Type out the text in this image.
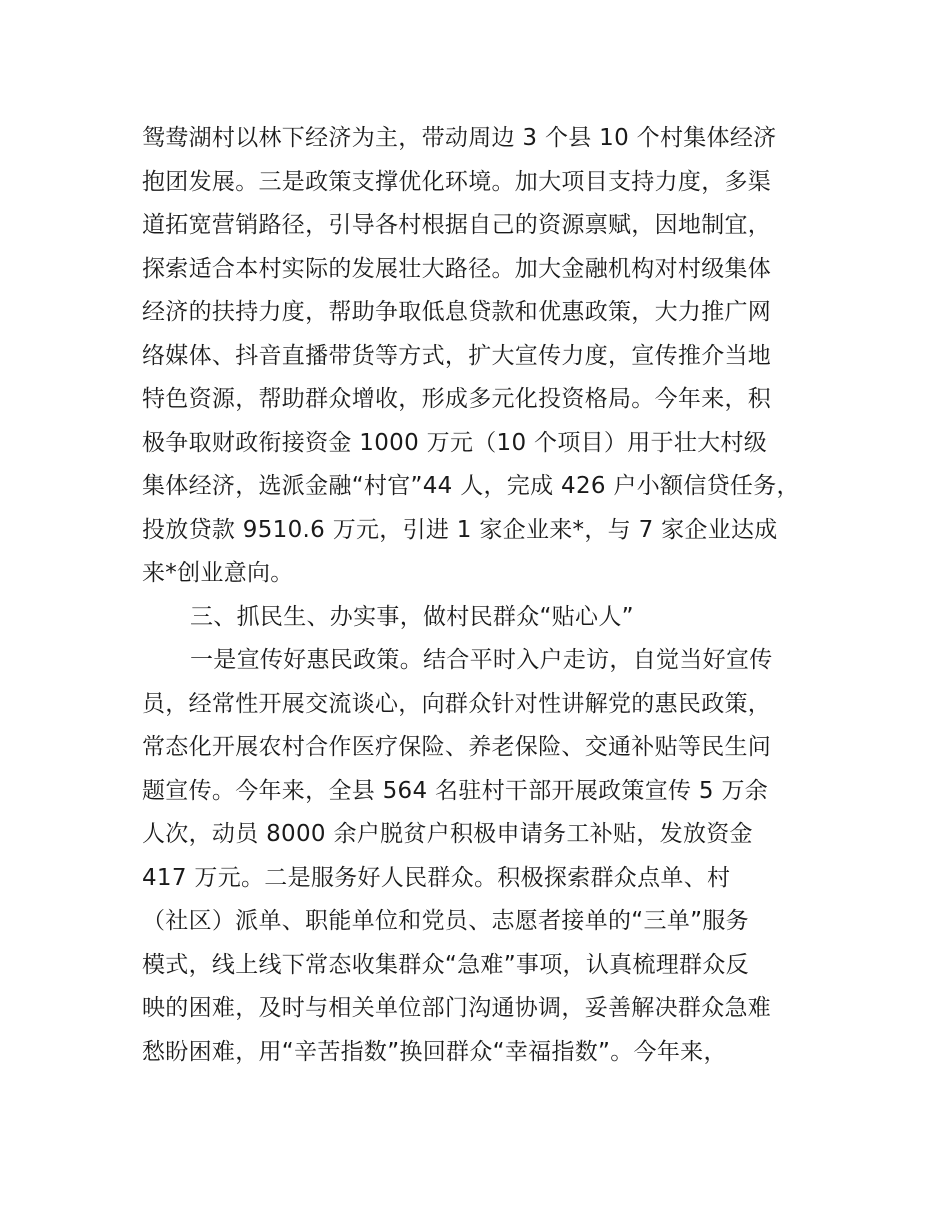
鸳鸯湖村以林下经济为主，带动周边 3 个县 10 个村集体经济
抱团发展。三是政策支撑优化环境。加大项目支持力度，多渠
道拓宽营销路径，引导各村根据自己的资源禀赋，因地制宜，
探索适合本村实际的发展壮大路径。加大金融机构对村级集体
经济的扶持力度，帮助争取低息贷款和优惠政策，大力推广网
络媒体、抖音直播带货等方式，扩大宣传力度，宣传推介当地
特色资源，帮助群众增收，形成多元化投资格局。今年来，积
极争取财政衔接资金 1000 万元（10 个项目）用于壮大村级
集体经济，选派金融“村官”44 人，完成 426 户小额信贷任务，
投放贷款 9510.6 万元，引进 1 家企业来*，与 7 家企业达成
来*创业意向。
三、抓民生、办实事，做村民群众“贴心人”
一是宣传好惠民政策。结合平时入户走访，自觉当好宣传
员，经常性开展交流谈心，向群众针对性讲解党的惠民政策，
常态化开展农村合作医疗保险、养老保险、交通补贴等民生问
题宣传。今年来，全县 564 名驻村干部开展政策宣传 5 万余
人次，动员 8000 余户脱贫户积极申请务工补贴，发放资金
417 万元。二是服务好人民群众。积极探索群众点单、村
（社区）派单、职能单位和党员、志愿者接单的“三单”服务
模式，线上线下常态收集群众“急难”事项，认真梳理群众反
映的困难，及时与相关单位部门沟通协调，妥善解决群众急难
愁盼困难，用“辛苦指数”换回群众“幸福指数”。今年来，
